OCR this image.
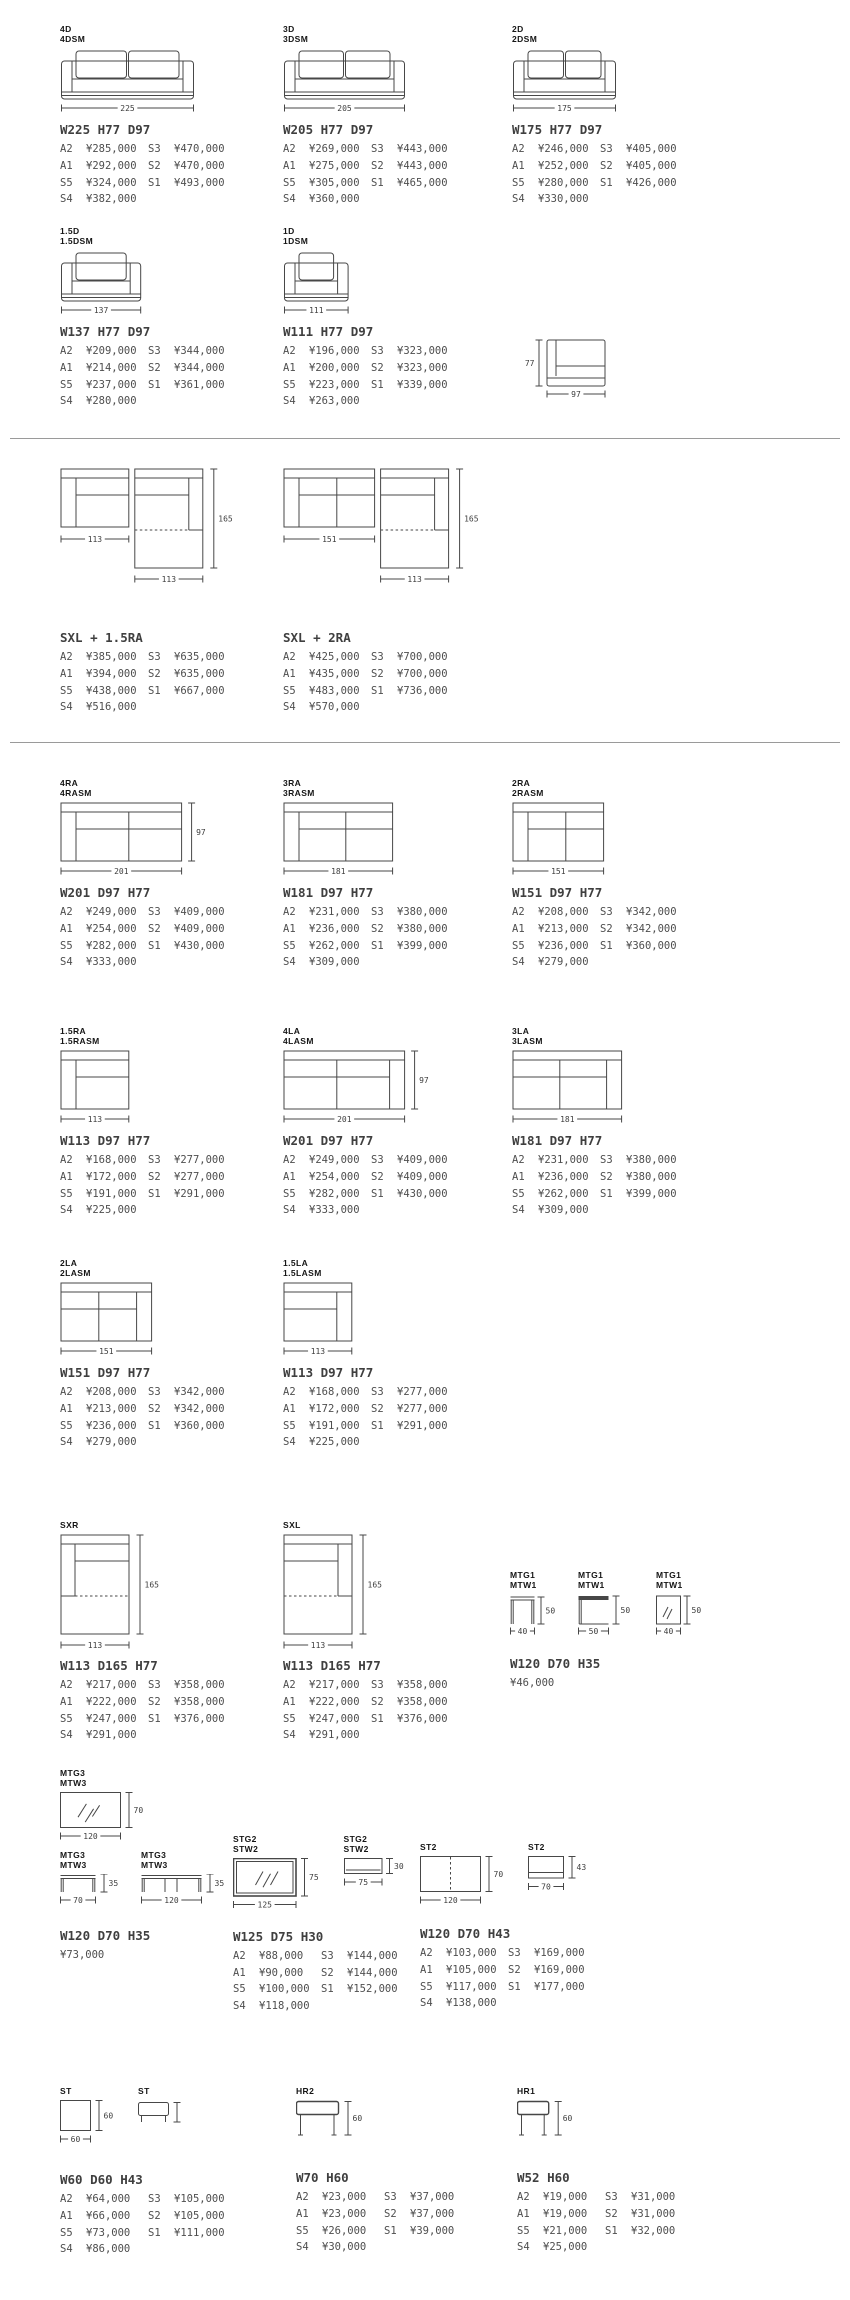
4D
4DSM
225
W225 H77 D97
A2	¥285,000	S3	¥470,000
A1	¥292,000	S2	¥470,000
S5	¥324,000	S1	¥493,000
S4	¥382,000
3D
3DSM
205
W205 H77 D97
A2	¥269,000	S3	¥443,000
A1	¥275,000	S2	¥443,000
S5	¥305,000	S1	¥465,000
S4	¥360,000
2D
2DSM
175
W175 H77 D97
A2	¥246,000	S3	¥405,000
A1	¥252,000	S2	¥405,000
S5	¥280,000	S1	¥426,000
S4	¥330,000
1.5D
1.5DSM
137
W137 H77 D97
A2	¥209,000	S3	¥344,000
A1	¥214,000	S2	¥344,000
S5	¥237,000	S1	¥361,000
S4	¥280,000
1D
1DSM
111
W111 H77 D97
A2	¥196,000	S3	¥323,000
A1	¥200,000	S2	¥323,000
S5	¥223,000	S1	¥339,000
S4	¥263,000
77
97
113
165
113
SXL + 1.5RA
A2	¥385,000	S3	¥635,000
A1	¥394,000	S2	¥635,000
S5	¥438,000	S1	¥667,000
S4	¥516,000
151
165
113
SXL + 2RA
A2	¥425,000	S3	¥700,000
A1	¥435,000	S2	¥700,000
S5	¥483,000	S1	¥736,000
S4	¥570,000
4RA
4RASM
201
97
W201 D97 H77
A2	¥249,000	S3	¥409,000
A1	¥254,000	S2	¥409,000
S5	¥282,000	S1	¥430,000
S4	¥333,000
3RA
3RASM
181
W181 D97 H77
A2	¥231,000	S3	¥380,000
A1	¥236,000	S2	¥380,000
S5	¥262,000	S1	¥399,000
S4	¥309,000
2RA
2RASM
151
W151 D97 H77
A2	¥208,000	S3	¥342,000
A1	¥213,000	S2	¥342,000
S5	¥236,000	S1	¥360,000
S4	¥279,000
1.5RA
1.5RASM
113
W113 D97 H77
A2	¥168,000	S3	¥277,000
A1	¥172,000	S2	¥277,000
S5	¥191,000	S1	¥291,000
S4	¥225,000
4LA
4LASM
201
97
W201 D97 H77
A2	¥249,000	S3	¥409,000
A1	¥254,000	S2	¥409,000
S5	¥282,000	S1	¥430,000
S4	¥333,000
3LA
3LASM
181
W181 D97 H77
A2	¥231,000	S3	¥380,000
A1	¥236,000	S2	¥380,000
S5	¥262,000	S1	¥399,000
S4	¥309,000
2LA
2LASM
151
W151 D97 H77
A2	¥208,000	S3	¥342,000
A1	¥213,000	S2	¥342,000
S5	¥236,000	S1	¥360,000
S4	¥279,000
1.5LA
1.5LASM
113
W113 D97 H77
A2	¥168,000	S3	¥277,000
A1	¥172,000	S2	¥277,000
S5	¥191,000	S1	¥291,000
S4	¥225,000
SXR
165
113
W113 D165 H77
A2	¥217,000	S3	¥358,000
A1	¥222,000	S2	¥358,000
S5	¥247,000	S1	¥376,000
S4	¥291,000
SXL
165
113
W113 D165 H77
A2	¥217,000	S3	¥358,000
A1	¥222,000	S2	¥358,000
S5	¥247,000	S1	¥376,000
S4	¥291,000
MTG1
MTW1
50
40
MTG1
MTW1
50
50
MTG1
MTW1
50
40
W120 D70 H35
¥46,000
MTG3
MTW3
70
120
MTG3
MTW3
35
70
MTG3
MTW3
35
120
W120 D70 H35
¥73,000
STG2
STW2
75
125
STG2
STW2
30
75
W125 D75 H30
A2	¥88,000	S3	¥144,000
A1	¥90,000	S2	¥144,000
S5	¥100,000	S1	¥152,000
S4	¥118,000
ST2
70
120
ST2
43
70
W120 D70 H43
A2	¥103,000	S3	¥169,000
A1	¥105,000	S2	¥169,000
S5	¥117,000	S1	¥177,000
S4	¥138,000
ST
60
60
ST
W60 D60 H43
A2	¥64,000	S3	¥105,000
A1	¥66,000	S2	¥105,000
S5	¥73,000	S1	¥111,000
S4	¥86,000
HR2
60
W70 H60
A2	¥23,000	S3	¥37,000
A1	¥23,000	S2	¥37,000
S5	¥26,000	S1	¥39,000
S4	¥30,000
HR1
60
W52 H60
A2	¥19,000	S3	¥31,000
A1	¥19,000	S2	¥31,000
S5	¥21,000	S1	¥32,000
S4	¥25,000
